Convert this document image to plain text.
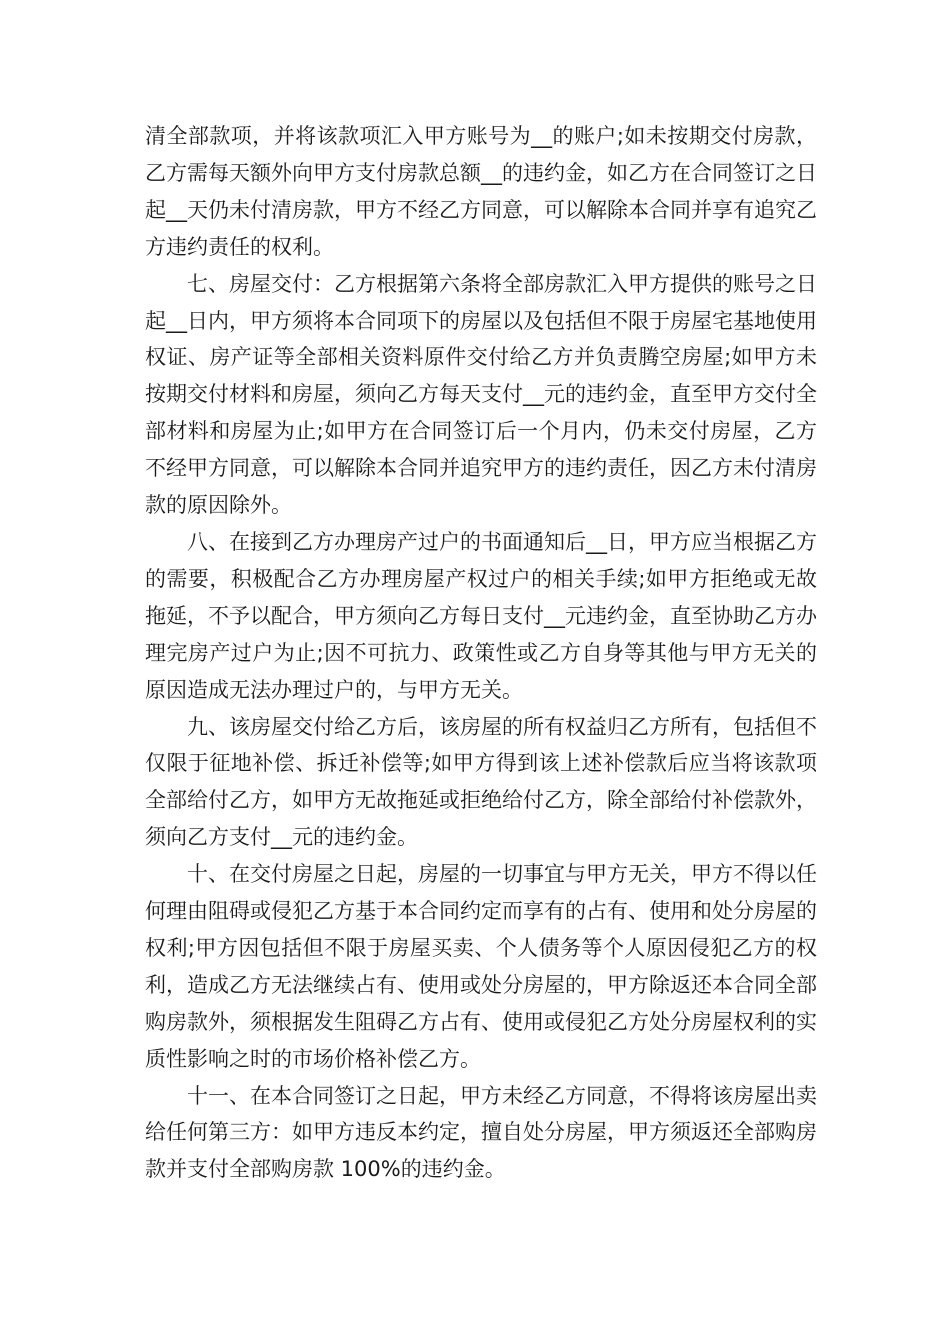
清全部款项，并将该款项汇入甲方账号为__的账户;如未按期交付房款，乙方需每天额外向甲方支付房款总额__的违约金，如乙方在合同签订之日起__天仍未付清房款，甲方不经乙方同意，可以解除本合同并享有追究乙方违约责任的权利。

七、房屋交付：乙方根据第六条将全部房款汇入甲方提供的账号之日起__日内，甲方须将本合同项下的房屋以及包括但不限于房屋宅基地使用权证、房产证等全部相关资料原件交付给乙方并负责腾空房屋;如甲方未按期交付材料和房屋，须向乙方每天支付__元的违约金，直至甲方交付全部材料和房屋为止;如甲方在合同签订后一个月内，仍未交付房屋，乙方不经甲方同意，可以解除本合同并追究甲方的违约责任，因乙方未付清房款的原因除外。

八、在接到乙方办理房产过户的书面通知后__日，甲方应当根据乙方的需要，积极配合乙方办理房屋产权过户的相关手续;如甲方拒绝或无故拖延，不予以配合，甲方须向乙方每日支付__元违约金，直至协助乙方办理完房产过户为止;因不可抗力、政策性或乙方自身等其他与甲方无关的原因造成无法办理过户的，与甲方无关。

九、该房屋交付给乙方后，该房屋的所有权益归乙方所有，包括但不仅限于征地补偿、拆迁补偿等;如甲方得到该上述补偿款后应当将该款项全部给付乙方，如甲方无故拖延或拒绝给付乙方，除全部给付补偿款外，须向乙方支付__元的违约金。

十、在交付房屋之日起，房屋的一切事宜与甲方无关，甲方不得以任何理由阻碍或侵犯乙方基于本合同约定而享有的占有、使用和处分房屋的权利;甲方因包括但不限于房屋买卖、个人债务等个人原因侵犯乙方的权利，造成乙方无法继续占有、使用或处分房屋的，甲方除返还本合同全部购房款外，须根据发生阻碍乙方占有、使用或侵犯乙方处分房屋权利的实质性影响之时的市场价格补偿乙方。

十一、在本合同签订之日起，甲方未经乙方同意，不得将该房屋出卖给任何第三方：如甲方违反本约定，擅自处分房屋，甲方须返还全部购房款并支付全部购房款 100%的违约金。
